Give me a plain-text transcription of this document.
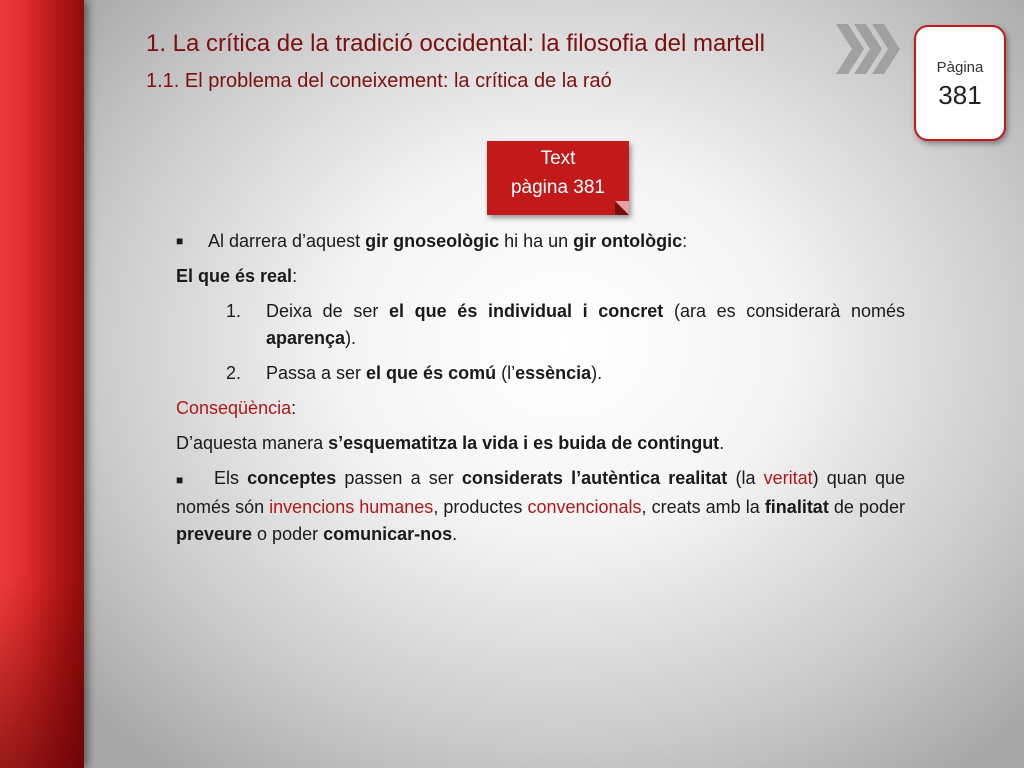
1. La crítica de la tradició occidental: la filosofia del martell
1.1. El problema del coneixement: la crítica de la raó
Pàgina
381
Text
pàgina 381

■	Al darrera d’aquest gir gnoseològic hi ha un gir ontològic:

El que és real:

1.	Deixa de ser el que és individual i concret (ara es considerarà només aparença).
2.	Passa a ser el que és comú (l’essència).

Conseqüència:

D’aquesta manera s’esquematitza la vida i es buida de contingut.

■ Els conceptes passen a ser considerats l’autèntica realitat (la veritat) quan que només són invencions humanes, productes convencionals, creats amb la finalitat de poder preveure o poder comunicar-nos.
